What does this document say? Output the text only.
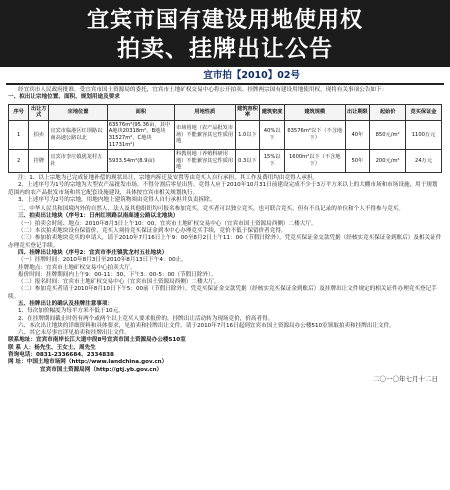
宜宾市国有建设用地使用权
拍卖、挂牌出让公告
宜市拍【2010】02号

经宜宾市人民政府批准，受宜宾市国土资源局的委托，宜宾市土地矿权交易中心将公开拍卖、挂牌两宗国有建设用地使用权，现将有关事项公告如下：

一、拟出让宗地位置、面积、规划用途及要求

序号	出让方式	宗地位置	面积	用地性质	建筑容积率	建筑密度	建筑规模	出让期限	起始价	竞买保证金
1	拍卖	宜宾市临港区红坝路以南高速公路以北	63576m²(95.36亩，其中A地块20318m²，B地块31527m²，C地块11731m²)	市场用地（农产品批发市场）不能兼容其它性质用地	1.0以下	40%以下	63576m²以下（不含地下）	40年	850元/m²	1100万元
2	挂牌	宜宾市李庄镇犹龙村五社	5933.54m²(8.9亩)	科教用地（养殖科研用地）不能兼容其它性质用地	0.3以下	15%以下	1600m²以下（不含地下）	50年	200元/m²	24万元

注：1、以上宗地为已完成征地补偿的现状出让，宗地内拆迁及安置等由竞买人自行承担，其工作及费用均由竞得人承担。

2、上述序号为1号的宗地为大型农产品批发市场，不得分割后零星出售。竞得人应于2010年10月31日前建设完成不少于3万平方米以上的大棚市场和市场设施，用于规划范围内的农产品批发市场和其它配套设施建设，具体按宜宾市相关规划执行。

3、上述序号为2号的宗地，用地内地上建筑物须由竞得人自行承担并负责拆除。

二、中华人民共和国境内外的自然人、法人及其他组织均可报名参加竞买，竞买者可以独立竞买，也可联合竞买。但有不良记录的单位和个人不得参与竞买。

三、拍卖出让地块（序号1：日州红坝路以南高速公路以北地块）

（一）拍卖会时间、地点：2010年8月3日上午10：00，宜宾市土地矿权交易中心（宜宾市国土资源局西侧）二楼大厅。

（二）本次拍卖地块设有保留价，竞买人须持竞买保证金到本中心办理竞买手续，竞价不低于保留价者竞得。

（三）参加拍卖地块竞买的申请人，请于2010年7月16日上午9：00至8月2日上午11：00（节假日除外），凭竞买保证金交款凭据（经核实竞买保证金到账后）及相关证件办理竞买登记手续。

四、挂牌出让地块（序号2：宜宾市李庄镇犹龙村五社地块）

（一）挂牌时间：2010年8月3日至2010年8月13日下午4：00止。

挂牌地点：宜宾市土地矿权交易中心拍卖大厅。

报价时间：挂牌期间内上午9：00-11：30，下午3：00-5：00（节假日除外）。

（二）报名时间：宜宾市土地矿权交易中心（宜宾市国土资源局西侧）二楼大厅。

（二）参加竞买者请于2010年8月10日下午5：00前（节假日除外），凭竞买保证金交款凭据（经核实竞买保证金到账后）及挂牌出让文件规定的相关证件办理竞买登记手续。

五、挂牌出让的确认及挂牌注意事项：

1、每次加价幅度为每平方米不低于10元。

2、在挂牌期间截止时仍有两个或两个以上竞买人要求报价的，挂牌出让活动转为现场竞价，价高者得。

六、本次出让地块的详细资料和具体要求，见拍卖和挂牌出让文件。请于2010年7月16日起到宜宾市国土资源局办公楼510室领取拍卖和挂牌出让文件。

六、其它未尽事宜详见拍卖和挂牌出让文件。

联系地址：宜宾市南岸长江大道中段8号宜宾市国土资源局办公楼510室

联 系 人：杨先生、王女士、周先生

咨询电话：0831-2336684、2334838

网 址：中国土地市场网（http://www.landchina.gov.cn）

宜宾市国土资源局网（http://gtj.yb.gov.cn）

二〇一〇年七月十二日
